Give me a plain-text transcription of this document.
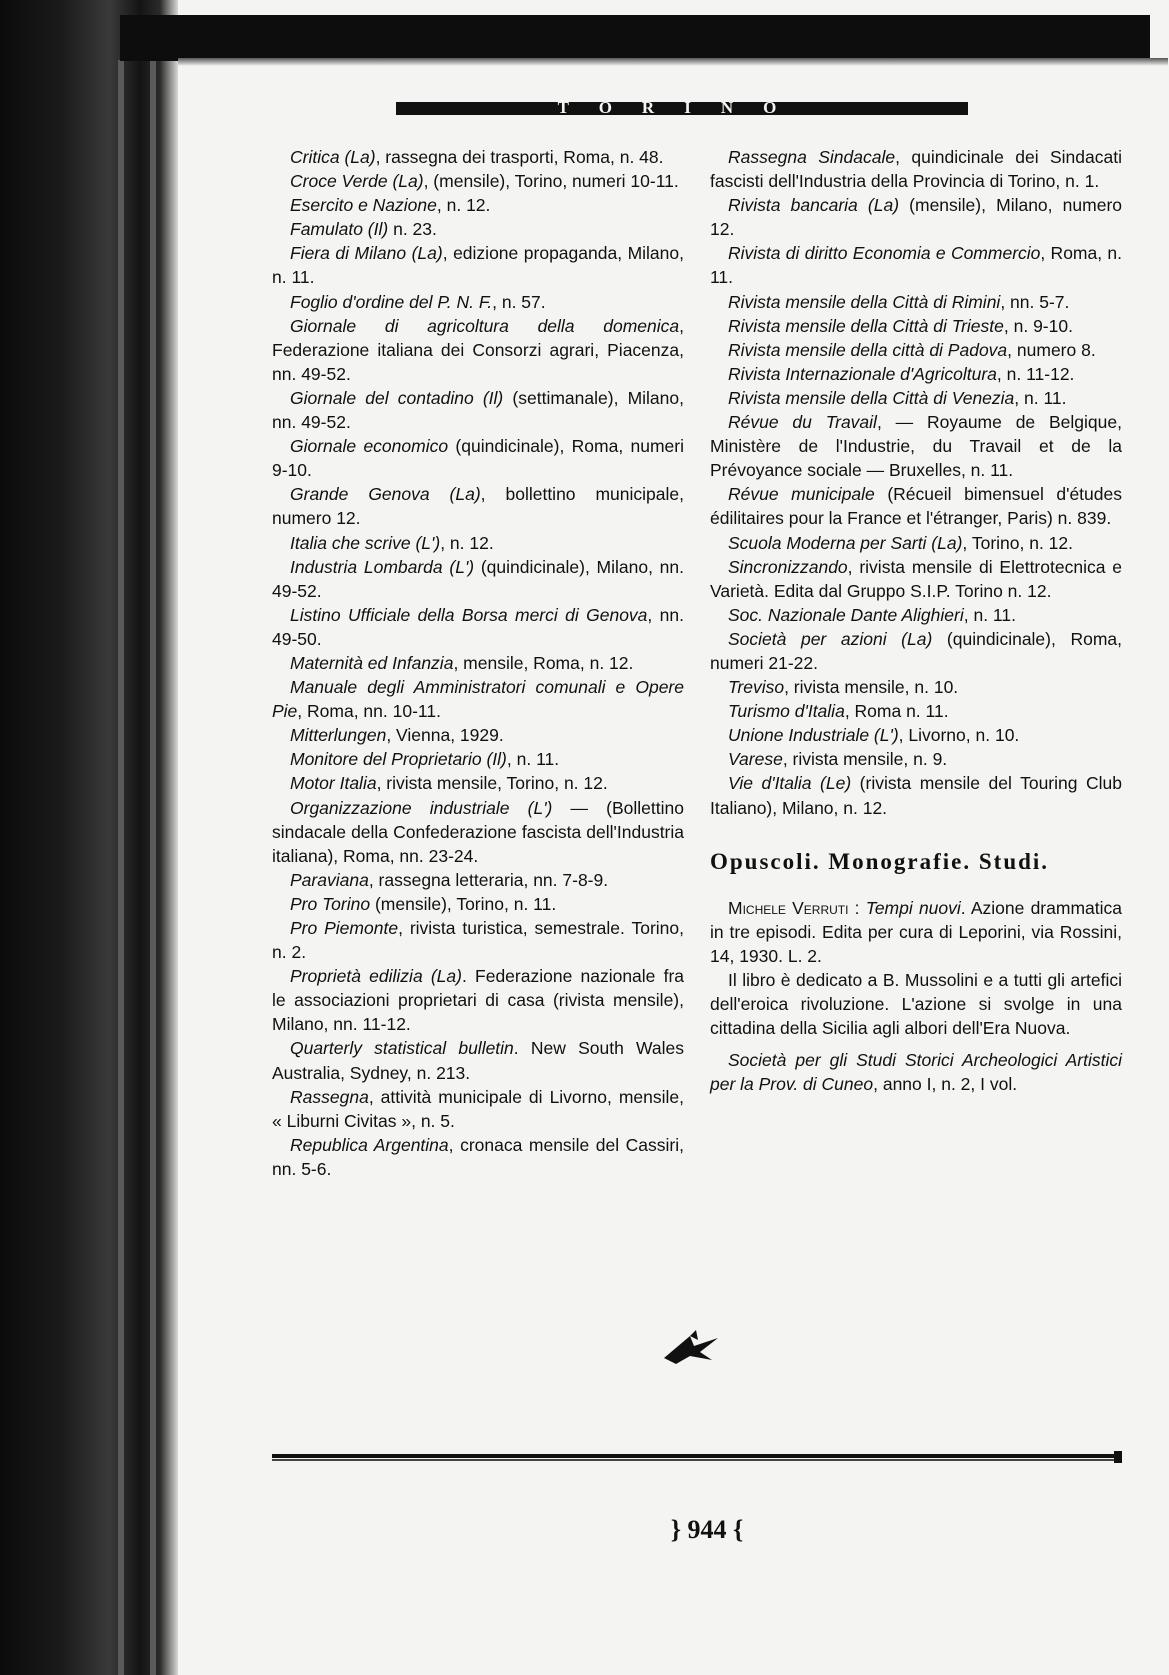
TORINO

Critica (La), rassegna dei trasporti, Roma, n. 48.

Croce Verde (La), (mensile), Torino, numeri 10-11.

Esercito e Nazione, n. 12.

Famulato (Il) n. 23.

Fiera di Milano (La), edizione propaganda, Milano, n. 11.

Foglio d'ordine del P. N. F., n. 57.

Giornale di agricoltura della domenica, Federazione italiana dei Consorzi agrari, Piacenza, nn. 49-52.

Giornale del contadino (Il) (settimanale), Milano, nn. 49-52.

Giornale economico (quindicinale), Roma, numeri 9-10.

Grande Genova (La), bollettino municipale, numero 12.

Italia che scrive (L'), n. 12.

Industria Lombarda (L') (quindicinale), Milano, nn. 49-52.

Listino Ufficiale della Borsa merci di Genova, nn. 49-50.

Maternità ed Infanzia, mensile, Roma, n. 12.

Manuale degli Amministratori comunali e Opere Pie, Roma, nn. 10-11.

Mitterlungen, Vienna, 1929.

Monitore del Proprietario (Il), n. 11.

Motor Italia, rivista mensile, Torino, n. 12.

Organizzazione industriale (L') — (Bollettino sindacale della Confederazione fascista dell'Industria italiana), Roma, nn. 23-24.

Paraviana, rassegna letteraria, nn. 7-8-9.

Pro Torino (mensile), Torino, n. 11.

Pro Piemonte, rivista turistica, semestrale. Torino, n. 2.

Proprietà edilizia (La). Federazione nazionale fra le associazioni proprietari di casa (rivista mensile), Milano, nn. 11-12.

Quarterly statistical bulletin. New South Wales Australia, Sydney, n. 213.

Rassegna, attività municipale di Livorno, mensile, « Liburni Civitas », n. 5.

Republica Argentina, cronaca mensile del Cassiri, nn. 5-6.

Rassegna Sindacale, quindicinale dei Sindacati fascisti dell'Industria della Provincia di Torino, n. 1.

Rivista bancaria (La) (mensile), Milano, numero 12.

Rivista di diritto Economia e Commercio, Roma, n. 11.

Rivista mensile della Città di Rimini, nn. 5-7.

Rivista mensile della Città di Trieste, n. 9-10.

Rivista mensile della città di Padova, numero 8.

Rivista Internazionale d'Agricoltura, n. 11-12.

Rivista mensile della Città di Venezia, n. 11.

Révue du Travail, — Royaume de Belgique, Ministère de l'Industrie, du Travail et de la Prévoyance sociale — Bruxelles, n. 11.

Révue municipale (Récueil bimensuel d'études édilitaires pour la France et l'étranger, Paris) n. 839.

Scuola Moderna per Sarti (La), Torino, n. 12.

Sincronizzando, rivista mensile di Elettrotecnica e Varietà. Edita dal Gruppo S.I.P. Torino n. 12.

Soc. Nazionale Dante Alighieri, n. 11.

Società per azioni (La) (quindicinale), Roma, numeri 21-22.

Treviso, rivista mensile, n. 10.

Turismo d'Italia, Roma n. 11.

Unione Industriale (L'), Livorno, n. 10.

Varese, rivista mensile, n. 9.

Vie d'Italia (Le) (rivista mensile del Touring Club Italiano), Milano, n. 12.

Opuscoli. Monografie. Studi.

Michele Verruti : Tempi nuovi. Azione drammatica in tre episodi. Edita per cura di Leporini, via Rossini, 14, 1930. L. 2.

Il libro è dedicato a B. Mussolini e a tutti gli artefici dell'eroica rivoluzione. L'azione si svolge in una cittadina della Sicilia agli albori dell'Era Nuova.

Società per gli Studi Storici Archeologici Artistici per la Prov. di Cuneo, anno I, n. 2, I vol.

} 944 {
